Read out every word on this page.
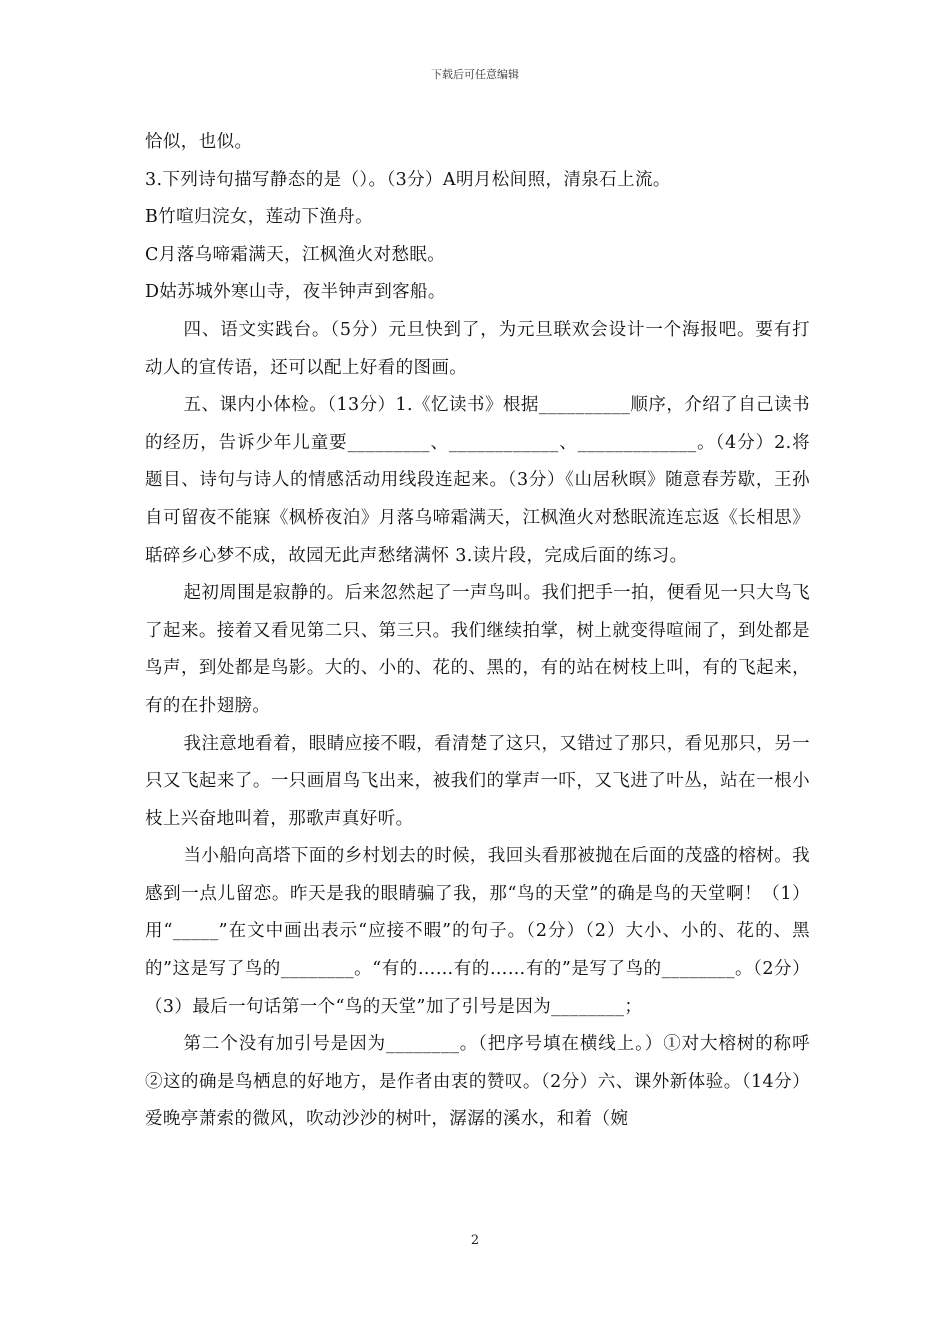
下载后可任意编辑

恰似，也似。

3.下列诗句描写静态的是（）。（3分）A明月松间照，清泉石上流。

B竹喧归浣女，莲动下渔舟。

C月落乌啼霜满天，江枫渔火对愁眠。

D姑苏城外寒山寺，夜半钟声到客船。

四、语文实践台。（5分）元旦快到了，为元旦联欢会设计一个海报吧。要有打动人的宣传语，还可以配上好看的图画。

五、课内小体检。（13分）1.《忆读书》根据__________顺序，介绍了自己读书的经历，告诉少年儿童要_________、____________、_____________。（4分）2.将题目、诗句与诗人的情感活动用线段连起来。（3分）《山居秋暝》随意春芳歇，王孙自可留夜不能寐《枫桥夜泊》月落乌啼霜满天，江枫渔火对愁眠流连忘返《长相思》聒碎乡心梦不成，故园无此声愁绪满怀 3.读片段，完成后面的练习。

起初周围是寂静的。后来忽然起了一声鸟叫。我们把手一拍，便看见一只大鸟飞了起来。接着又看见第二只、第三只。我们继续拍掌，树上就变得喧闹了，到处都是鸟声，到处都是鸟影。大的、小的、花的、黑的，有的站在树枝上叫，有的飞起来，有的在扑翅膀。

我注意地看着，眼睛应接不暇，看清楚了这只，又错过了那只，看见那只，另一只又飞起来了。一只画眉鸟飞出来，被我们的掌声一吓，又飞进了叶丛，站在一根小枝上兴奋地叫着，那歌声真好听。

当小船向高塔下面的乡村划去的时候，我回头看那被抛在后面的茂盛的榕树。我感到一点儿留恋。昨天是我的眼睛骗了我，那“鸟的天堂”的确是鸟的天堂啊！（1）用“_____”在文中画出表示“应接不暇”的句子。（2分）（2）大小、小的、花的、黑的”这是写了鸟的________。“有的……有的……有的”是写了鸟的________。（2分）（3）最后一句话第一个“鸟的天堂”加了引号是因为________；

第二个没有加引号是因为________。（把序号填在横线上。）①对大榕树的称呼②这的确是鸟栖息的好地方，是作者由衷的赞叹。（2分）六、课外新体验。（14分）爱晚亭萧索的微风，吹动沙沙的树叶，潺潺的溪水，和着（婉

2
